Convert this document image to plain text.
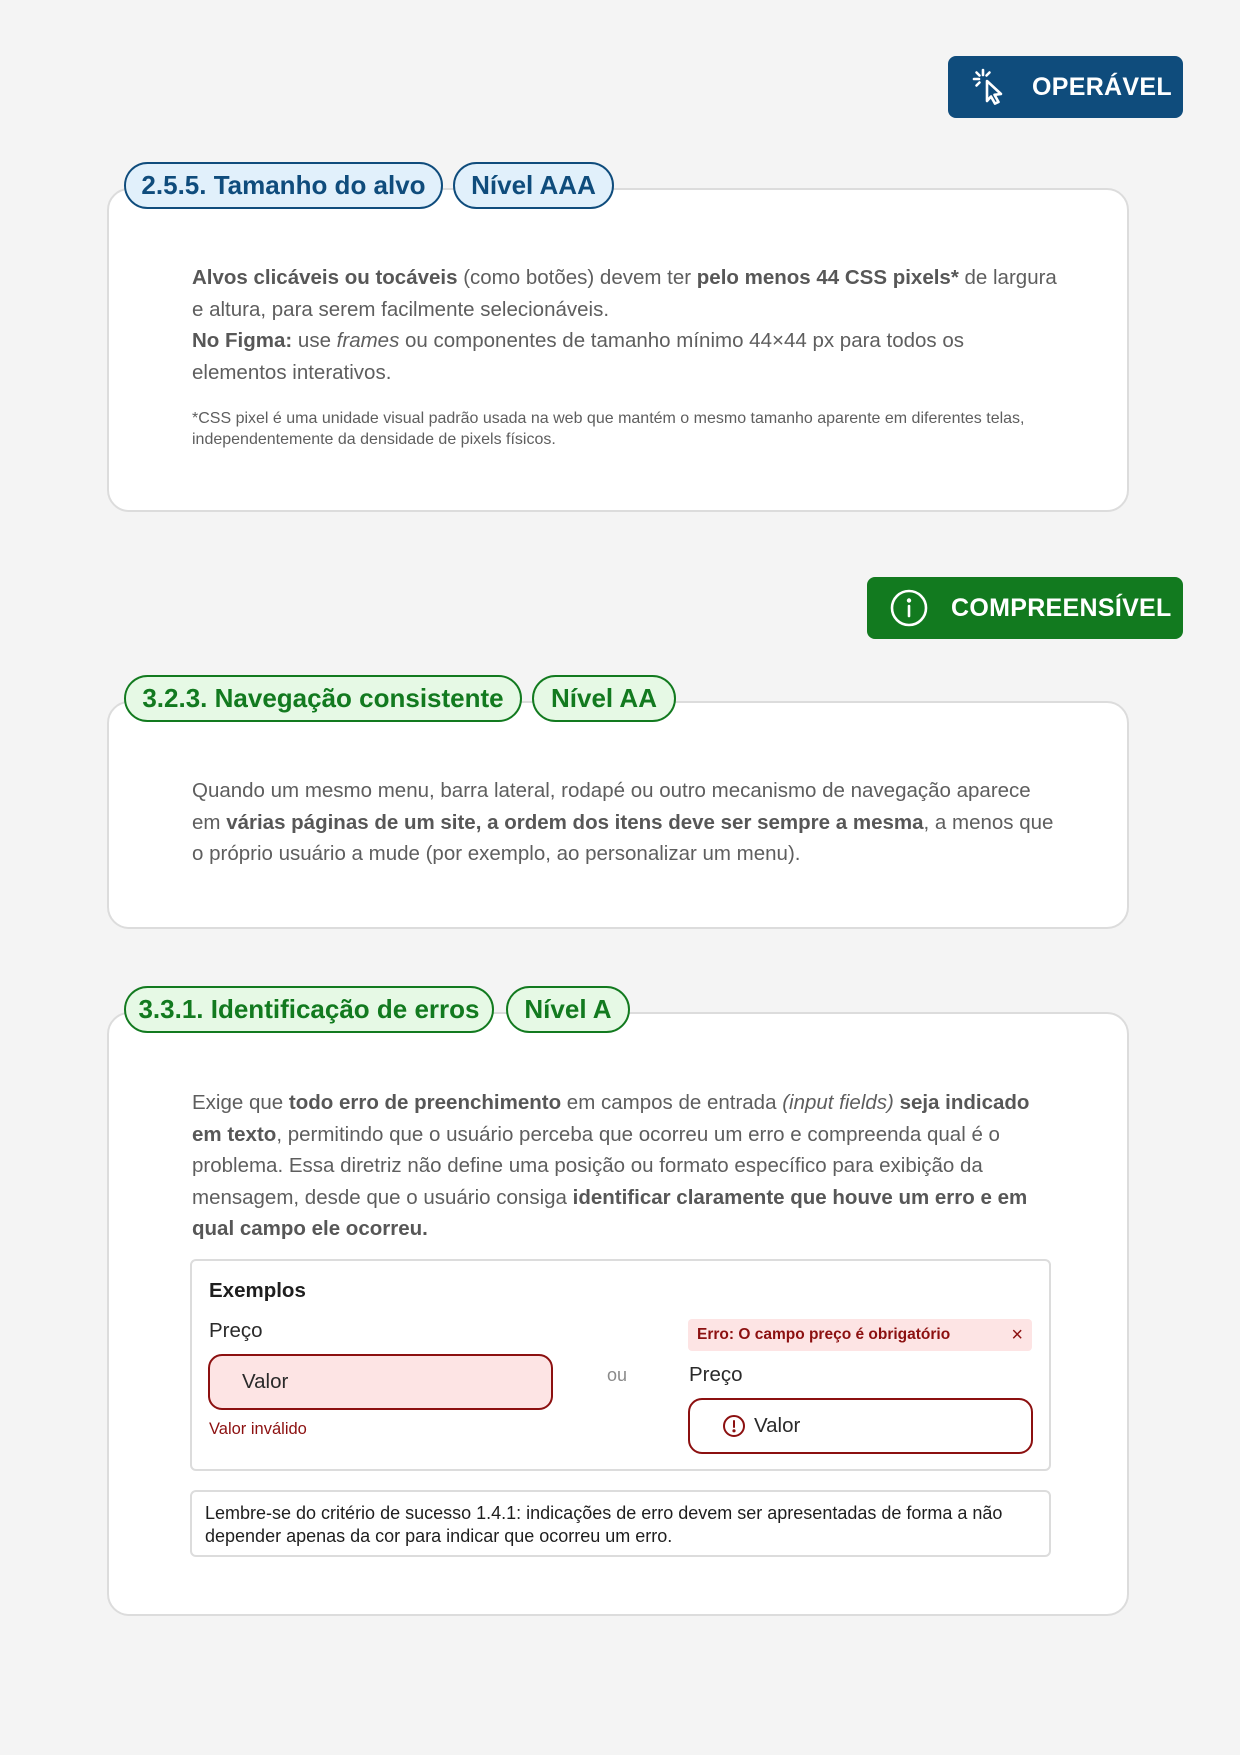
OPERÁVEL
Alvos clicáveis ou tocáveis (como botões) devem ter pelo menos 44 CSS pixels* de largura e altura, para serem facilmente selecionáveis.
No Figma: use frames ou componentes de tamanho mínimo 44×44 px para todos os elementos interativos.
*CSS pixel é uma unidade visual padrão usada na web que mantém o mesmo tamanho aparente em diferentes telas, independentemente da densidade de pixels físicos.
2.5.5. Tamanho do alvo	Nível AAA
COMPREENSÍVEL
Quando um mesmo menu, barra lateral, rodapé ou outro mecanismo de navegação aparece em várias páginas de um site, a ordem dos itens deve ser sempre a mesma, a menos que o próprio usuário a mude (por exemplo, ao personalizar um menu).
3.2.3. Navegação consistente	Nível AA
Exige que todo erro de preenchimento em campos de entrada (input fields) seja indicado em texto, permitindo que o usuário perceba que ocorreu um erro e compreenda qual é o problema. Essa diretriz não define uma posição ou formato específico para exibição da mensagem, desde que o usuário consiga identificar claramente que houve um erro e em qual campo ele ocorreu.
Exemplos
Preço
Valor
Valor inválido
ou
Erro: O campo preço é obrigatório	×
Preço
Valor
Lembre-se do critério de sucesso 1.4.1: indicações de erro devem ser apresentadas de forma a não depender apenas da cor para indicar que ocorreu um erro.
3.3.1. Identificação de erros	Nível A
